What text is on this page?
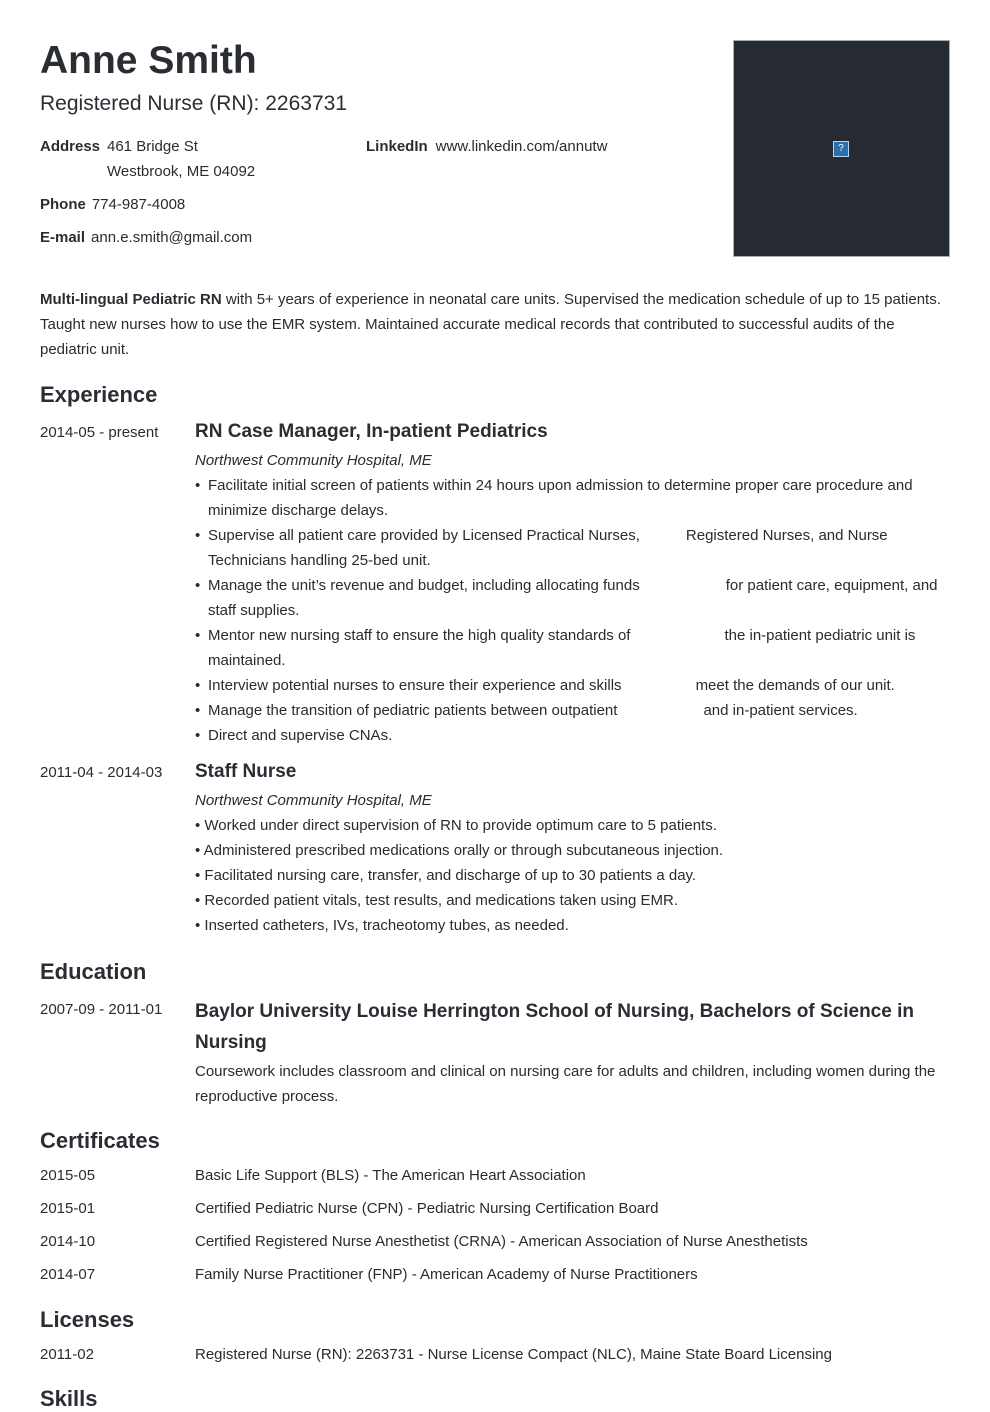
Anne Smith
Registered Nurse (RN): 2263731
Address 461 Bridge St
Westbrook, ME 04092
Phone 774-987-4008
E-mail ann.e.smith@gmail.com
LinkedIn www.linkedin.com/annutw	?
Multi-lingual Pediatric RN with 5+ years of experience in neonatal care units. Supervised the medication schedule of up to 15 patients. Taught new nurses how to use the EMR system. Maintained accurate medical records that contributed to successful audits of the pediatric unit.
Experience
2014-05 - present RN Case Manager, In-patient Pediatrics
Northwest Community Hospital, ME
• Facilitate initial screen of patients within 24 hours upon admission to determine proper care procedure and minimize discharge delays.
• Supervise all patient care provided by Licensed Practical Nurses,	Registered Nurses, and Nurse Technicians handling 25-bed unit.
• Manage the unit’s revenue and budget, including allocating funds	for patient care, equipment, and staff supplies.
• Mentor new nursing staff to ensure the high quality standards of	the in-patient pediatric unit is maintained.
• Interview potential nurses to ensure their experience and skills	meet the demands of our unit.
• Manage the transition of pediatric patients between outpatient	and in-patient services.
• Direct and supervise CNAs.
2011-04 - 2014-03 Staff Nurse
Northwest Community Hospital, ME
• Worked under direct supervision of RN to provide optimum care to 5 patients.
• Administered prescribed medications orally or through subcutaneous injection.
• Facilitated nursing care, transfer, and discharge of up to 30 patients a day.
• Recorded patient vitals, test results, and medications taken using EMR.
• Inserted catheters, IVs, tracheotomy tubes, as needed.
Education
2007-09 - 2011-01 Baylor University Louise Herrington School of Nursing, Bachelors of Science in Nursing
Coursework includes classroom and clinical on nursing care for adults and children, including women during the reproductive process.
Certificates
2015-05	Basic Life Support (BLS) - The American Heart Association
2015-01	Certified Pediatric Nurse (CPN) - Pediatric Nursing Certification Board
2014-10	Certified Registered Nurse Anesthetist (CRNA) - American Association of Nurse Anesthetists
2014-07	Family Nurse Practitioner (FNP) - American Academy of Nurse Practitioners
Licenses
2011-02	Registered Nurse (RN): 2263731 - Nurse License Compact (NLC), Maine State Board Licensing
Skills
